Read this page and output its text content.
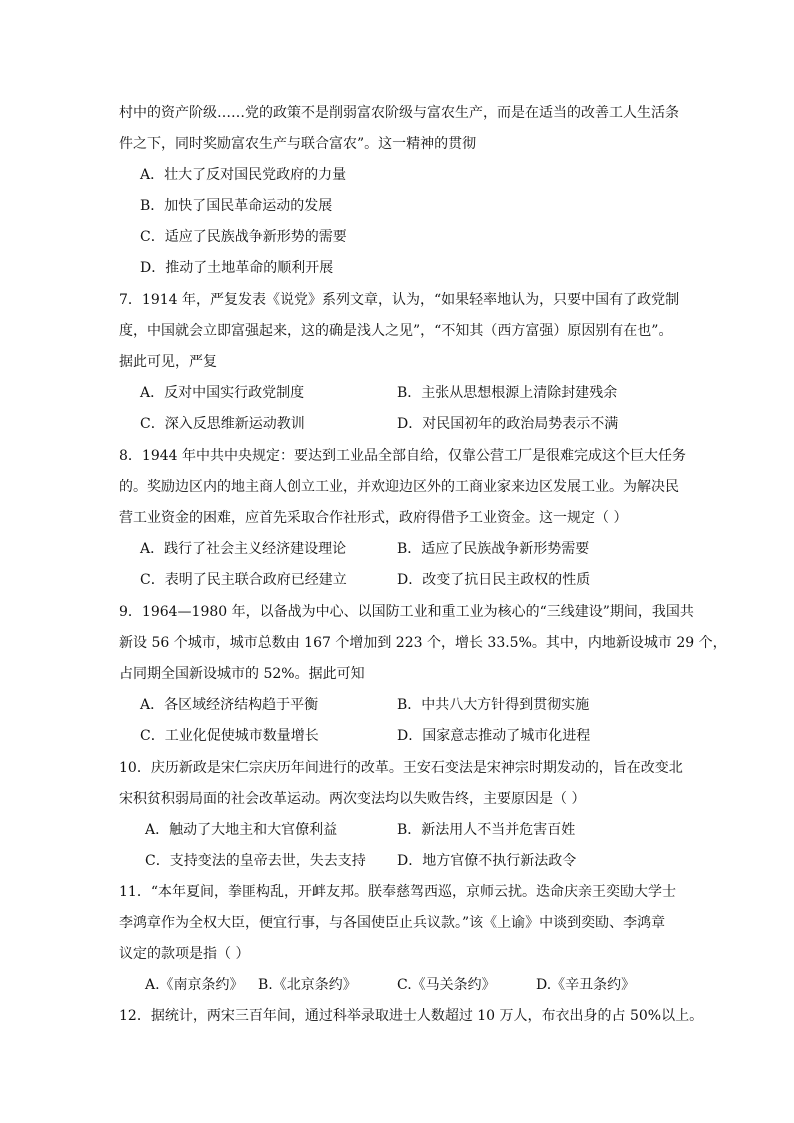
村中的资产阶级……党的政策不是削弱富农阶级与富农生产，而是在适当的改善工人生活条
件之下，同时奖励富农生产与联合富农”。这一精神的贯彻
A．壮大了反对国民党政府的力量
B．加快了国民革命运动的发展
C．适应了民族战争新形势的需要
D．推动了土地革命的顺利开展
7．1914 年，严复发表《说党》系列文章，认为，“如果轻率地认为，只要中国有了政党制
度，中国就会立即富强起来，这的确是浅人之见”，“不知其（西方富强）原因别有在也”。
据此可见，严复
A．反对中国实行政党制度	B．主张从思想根源上清除封建残余
C．深入反思维新运动教训	D．对民国初年的政治局势表示不满
8．1944 年中共中央规定：要达到工业品全部自给，仅靠公营工厂是很难完成这个巨大任务
的。奖励边区内的地主商人创立工业，并欢迎边区外的工商业家来边区发展工业。为解决民
营工业资金的困难，应首先采取合作社形式，政府得借予工业资金。这一规定（ ）
A．践行了社会主义经济建设理论	B．适应了民族战争新形势需要
C．表明了民主联合政府已经建立	D．改变了抗日民主政权的性质
9．1964—1980 年，以备战为中心、以国防工业和重工业为核心的“三线建设”期间，我国共
新设 56 个城市，城市总数由 167 个增加到 223 个，增长 33.5%。其中，内地新设城市 29 个，
占同期全国新设城市的 52%。据此可知
A．各区域经济结构趋于平衡	B．中共八大方针得到贯彻实施
C．工业化促使城市数量增长	D．国家意志推动了城市化进程
10．庆历新政是宋仁宗庆历年间进行的改革。王安石变法是宋神宗时期发动的，旨在改变北
宋积贫积弱局面的社会改革运动。两次变法均以失败告终，主要原因是（ ）
A．触动了大地主和大官僚利益	B．新法用人不当并危害百姓
C．支持变法的皇帝去世，失去支持 D．地方官僚不执行新法政令
11．“本年夏间，拳匪构乱，开衅友邦。朕奉慈驾西巡，京师云扰。迭命庆亲王奕劻大学士
李鸿章作为全权大臣，便宜行事，与各国使臣止兵议款。”该《上谕》中谈到奕劻、李鸿章
议定的款项是指（ ）
A.《南京条约》 B.《北京条约》	C.《马关条约》	D.《辛丑条约》
12．据统计，两宋三百年间，通过科举录取进士人数超过 10 万人，布衣出身的占 50%以上。
